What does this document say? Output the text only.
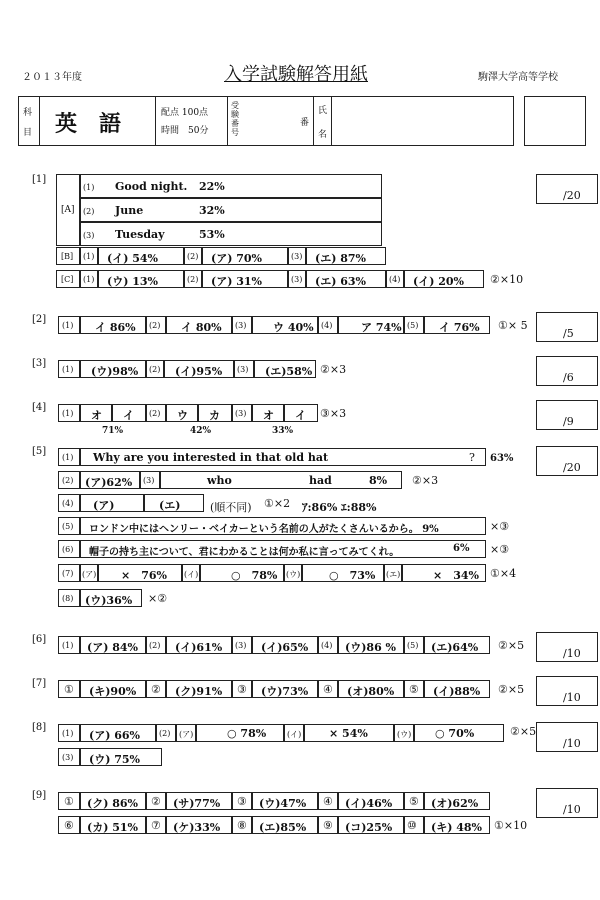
２０１３年度	入学試験解答用紙	駒澤大学高等学校
科
目 英　語	配点 100点
時間　50分
受験番号
番
氏
名
[1]
/20
[A]
(1) Good night. 22%
(2) June	32%
(3) Tuesday	53%
[B] (1) (イ) 54%	(2) (ア) 70%	(3) (エ) 87%
[C] (1) (ウ) 13%	(2) (ア) 31%	(3) (エ) 63%	(4) (イ) 20% ②×10
[2]
/5
(1) イ 86% (2) イ 80% (3) ウ 40% (4)	ア 74% (5) イ 76% ①× 5
[3]
/6
(1) (ウ)98% (2) (イ)95% (3) (エ)58% ②×3
[4]
/9
(1) オ イ (2) ウ カ (3) オ イ ③×3
71%	42%	33%
[5]
/20
(1) Why are you interested in that old hat	? 63%
(2) (ア)62% (3)	who	had	8% ②×3
(4) (ア)	(エ)	(順不同) ①×2 ｱ:86% ｴ:88%
(5) ロンドン中にはヘンリー・ベイカーという名前の人がたくさんいるから。 9%	×③
(6) 帽子の持ち主について、君にわかることは何か私に言ってみてくれ。	6% ×③
(7) (ア) ×　76% (イ)	○　78% (ウ)	○　73% (エ)	×　34% ①×4
(8) (ウ)36% ×②
[6]
/10
(1) (ア) 84% (2) (イ)61% (3) (イ)65% (4) (ウ)86 % (5) (エ)64% ②×5
[7]
/10
① (キ)90% ② (ク)91% ③ (ウ)73% ④ (オ)80% ⑤ (イ)88% ②×5
[8]
/10
(1) (ア) 66% (2) (ア)	○ 78%	(イ)	× 54%	(ウ) ○ 70%	②×5
(3) (ウ) 75%
[9]
/10
① (ク) 86% ② (サ)77% ③ (ウ)47% ④ (イ)46% ⑤ (オ)62%
⑥ (カ) 51% ⑦ (ケ)33% ⑧ (エ)85% ⑨ (コ)25% ⑩ (キ) 48% ①×10
